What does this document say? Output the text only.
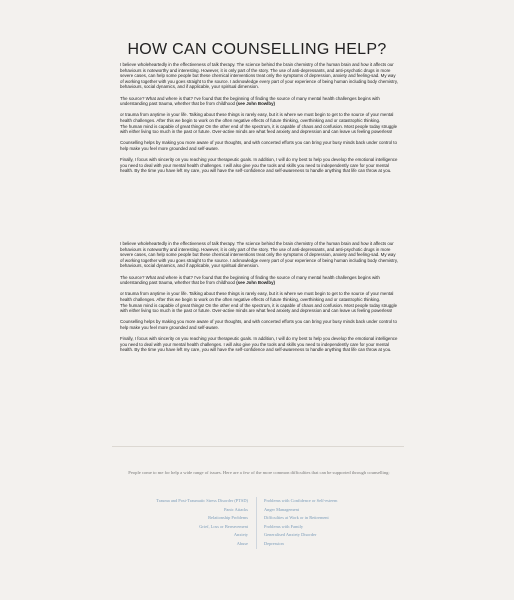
HOW CAN COUNSELLING HELP?

I believe wholeheartedly in the effectiveness of talk therapy. The science behind the brain chemistry of the human brain and how it affects our behaviours is noteworthy and interesting. However, it is only part of the story. The use of anti-depressants, and anti-psychotic drugs in more severe cases, can help some people but these chemical interventions treat only the symptoms of depression, anxiety and feeling-sad. My way of working together with you goes straight to the source. I acknowledge every part of your experience of being human including body chemistry, behaviours, social dynamics, and if applicable, your spiritual dimension.

The source? What and where is that? I've found that the beginning of finding the source of many mental health challenges begins with understanding past trauma, whether that be from childhood (see John Bowlby)

or trauma from anytime in your life. Talking about these things is rarely easy, but it is where we must begin to get to the source of your mental health challenges. After this we begin to work on the often negative effects of future thinking, overthinking and or catastrophic thinking.

The human mind is capable of great things! On the other end of the spectrum, it is capable of chaos and confusion. Most people today struggle with either living too much in the past or future. Over-active minds are what feed anxiety and depression and can leave us feeling powerless!

Counselling helps by making you more aware of your thoughts, and with concerted efforts you can bring your busy minds back under control to help make you feel more grounded and self-aware.

Finally, I focus with sincerity on you reaching your therapeutic goals. In addition, I will do my best to help you develop the emotional intelligence you need to deal with your mental health challenges. I will also give you the tools and skills you need to independently care for your mental health. By the time you have left my care, you will have the self-confidence and self-awareness to handle anything that life can throw at you.

I believe wholeheartedly in the effectiveness of talk therapy. The science behind the brain chemistry of the human brain and how it affects our behaviours is noteworthy and interesting. However, it is only part of the story. The use of anti-depressants, and anti-psychotic drugs in more severe cases, can help some people but these chemical interventions treat only the symptoms of depression, anxiety and feeling-sad. My way of working together with you goes straight to the source. I acknowledge every part of your experience of being human including body chemistry, behaviours, social dynamics, and if applicable, your spiritual dimension.

The source? What and where is that? I've found that the beginning of finding the source of many mental health challenges begins with understanding past trauma, whether that be from childhood (see John Bowlby)

or trauma from anytime in your life. Talking about these things is rarely easy, but it is where we must begin to get to the source of your mental health challenges. After this we begin to work on the often negative effects of future thinking, overthinking and or catastrophic thinking.

The human mind is capable of great things! On the other end of the spectrum, it is capable of chaos and confusion. Most people today struggle with either living too much in the past or future. Over-active minds are what feed anxiety and depression and can leave us feeling powerless!

Counselling helps by making you more aware of your thoughts, and with concerted efforts you can bring your busy minds back under control to help make you feel more grounded and self-aware.

Finally, I focus with sincerity on you reaching your therapeutic goals. In addition, I will do my best to help you develop the emotional intelligence you need to deal with your mental health challenges. I will also give you the tools and skills you need to independently care for your mental health. By the time you have left my care, you will have the self-confidence and self-awareness to handle anything that life can throw at you.

People come to me for help a wide range of issues. Here are a few of the more common difficulties that can be supported through counselling:

Trauma and Post-Traumatic Stress Disorder (PTSD)
Panic Attacks
Relationship Problems
Grief, Loss or Bereavement
Anxiety
Abuse
Problems with Confidence or Self-esteem
Anger Management
Difficulties at Work or in Retirement
Problems with Family
Generalised Anxiety Disorder
Depression
